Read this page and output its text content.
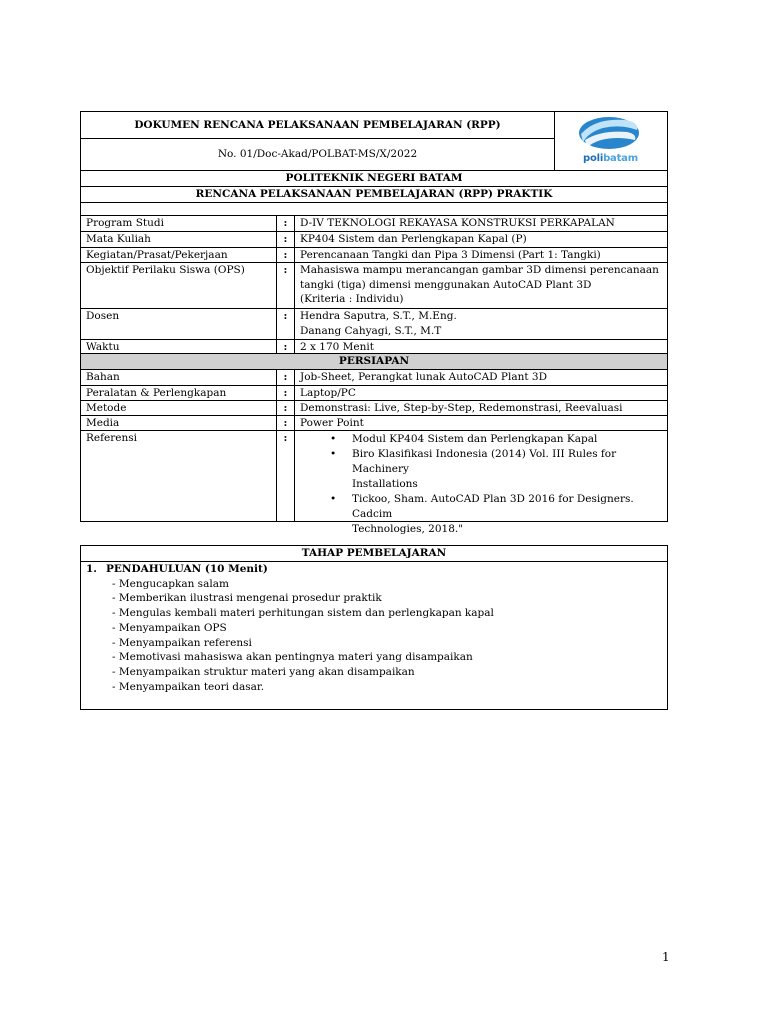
DOKUMEN RENCANA PELAKSANAAN PEMBELAJARAN (RPP)
No. 01/Doc-Akad/POLBAT-MS/X/2022	polibatam
POLITEKNIK NEGERI BATAM
RENCANA PELAKSANAAN PEMBELAJARAN (RPP) PRAKTIK
Program Studi	:	D-IV TEKNOLOGI REKAYASA KONSTRUKSI PERKAPALAN
Mata Kuliah	:	KP404 Sistem dan Perlengkapan Kapal (P)
Kegiatan/Prasat/Pekerjaan	:	Perencanaan Tangki dan Pipa 3 Dimensi (Part 1: Tangki)
Objektif Perilaku Siswa (OPS)	:	Mahasiswa mampu merancangan gambar 3D dimensi perencanaan
tangki (tiga) dimensi menggunakan AutoCAD Plant 3D
(Kriteria : Individu)
Dosen	:	Hendra Saputra, S.T., M.Eng.
Danang Cahyagi, S.T., M.T
Waktu	:	2 x 170 Menit
PERSIAPAN
Bahan	:	Job-Sheet, Perangkat lunak AutoCAD Plant 3D
Peralatan & Perlengkapan	:	Laptop/PC
Metode	:	Demonstrasi: Live, Step-by-Step, Redemonstrasi, Reevaluasi
Media	:	Power Point
Referensi	:
•	Modul KP404 Sistem dan Perlengkapan Kapal
• Biro Klasifikasi Indonesia (2014) Vol. III Rules for Machinery
Installations
• Tickoo, Sham. AutoCAD Plan 3D 2016 for Designers. Cadcim
Technologies, 2018."
TAHAP PEMBELAJARAN
1. PENDAHULUAN (10 Menit)
- Mengucapkan salam
- Memberikan ilustrasi mengenai prosedur praktik
- Mengulas kembali materi perhitungan sistem dan perlengkapan kapal
- Menyampaikan OPS
- Menyampaikan referensi
- Memotivasi mahasiswa akan pentingnya materi yang disampaikan
- Menyampaikan struktur materi yang akan disampaikan
- Menyampaikan teori dasar.
1
